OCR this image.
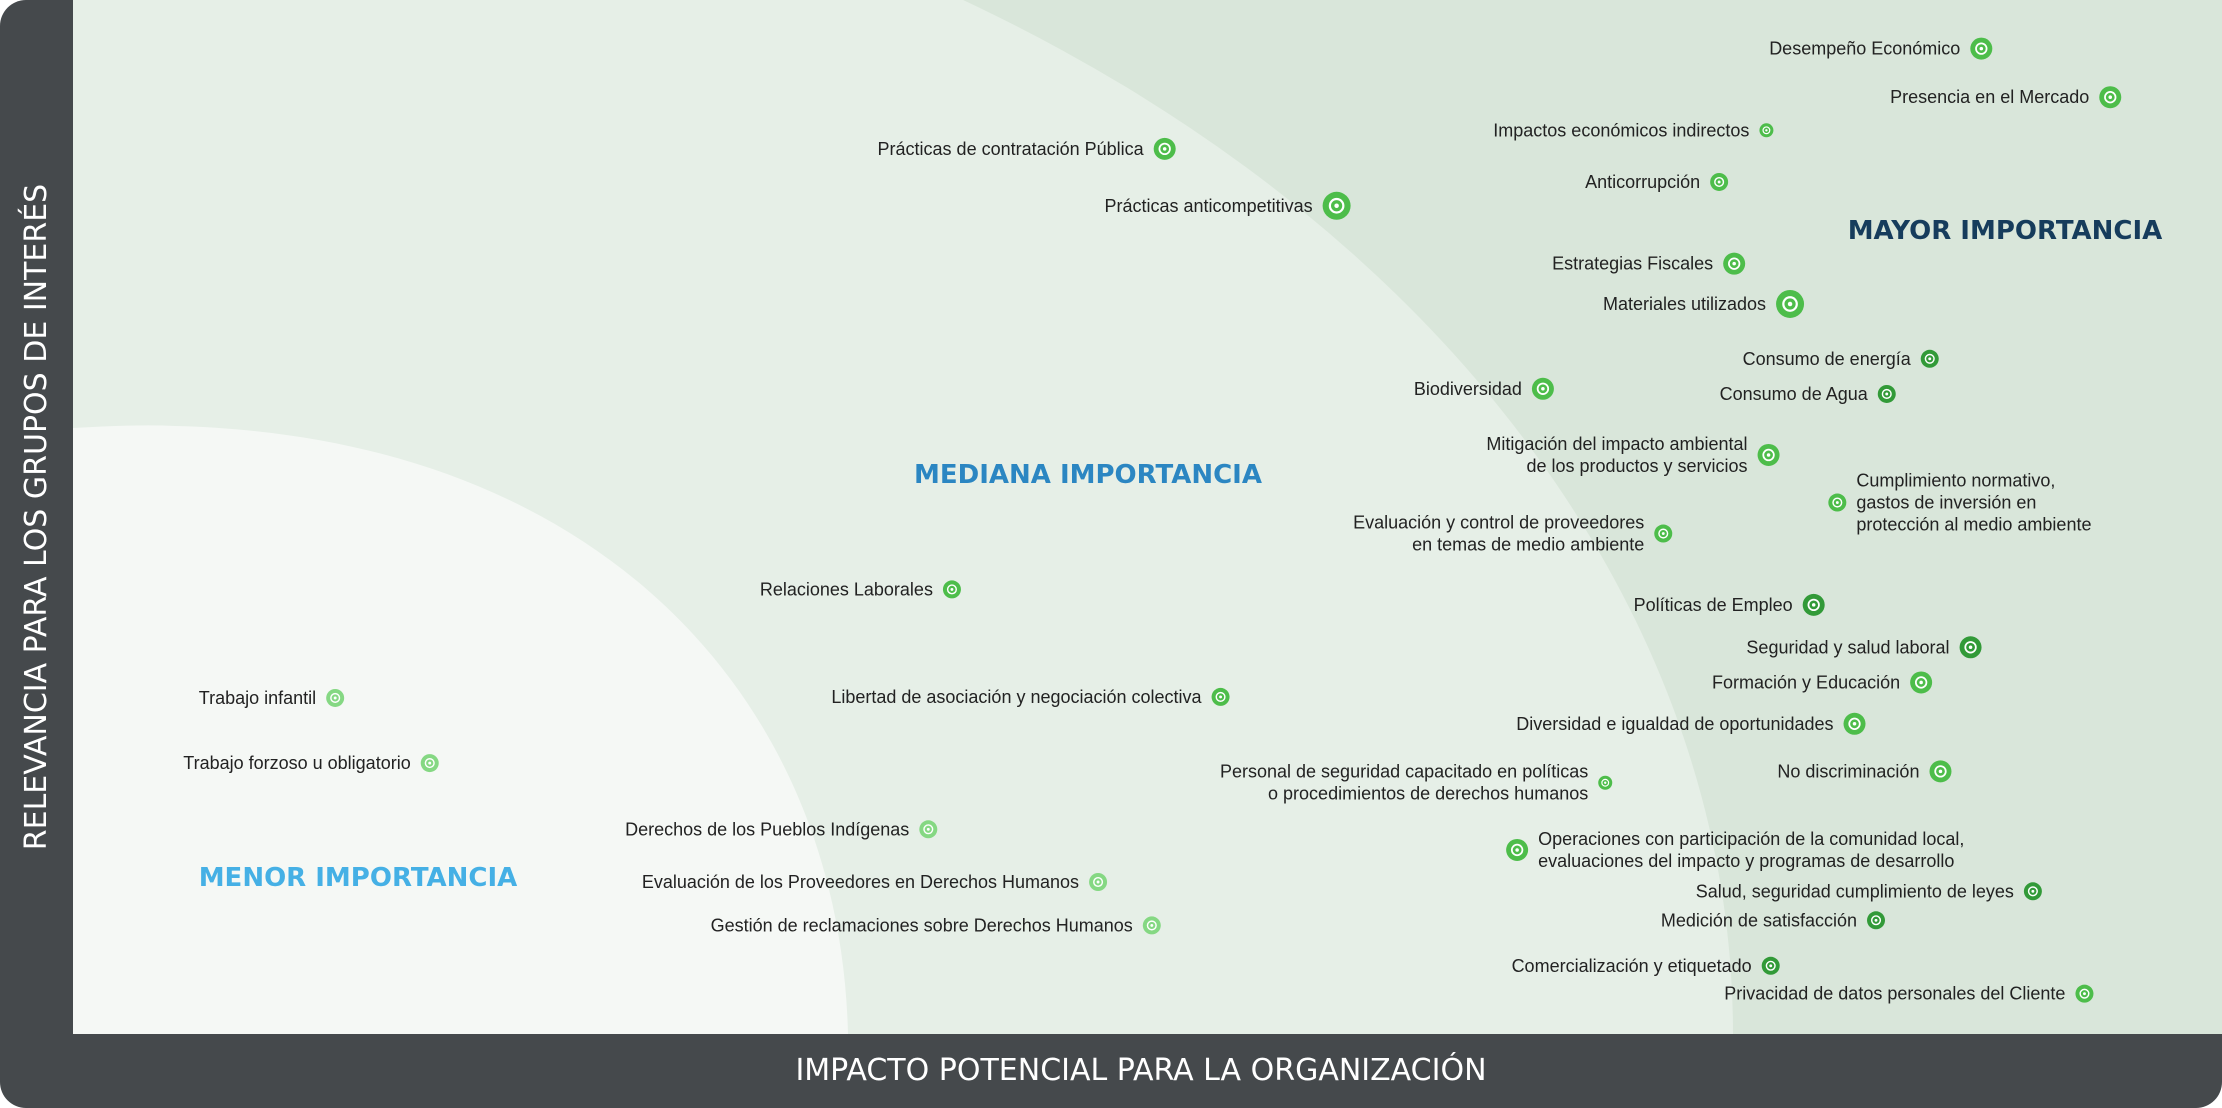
MENOR IMPORTANCIA
MEDIANA IMPORTANCIA
MAYOR IMPORTANCIA
Desempeño Económico
Presencia en el Mercado
Impactos económicos indirectos
Prácticas de contratación Pública
Anticorrupción
Prácticas anticompetitivas
Estrategias Fiscales
Materiales utilizados
Consumo de energía
Biodiversidad	Consumo de Agua
Mitigación del impacto ambiental de los productos y servicios
Cumplimiento normativo, gastos de inversión en protección al medio ambiente
Evaluación y control de proveedores en temas de medio ambiente
Relaciones Laborales
Políticas de Empleo
Seguridad y salud laboral
Formación y Educación
Trabajo infantil	Libertad de asociación y negociación colectiva
Diversidad e igualdad de oportunidades
Trabajo forzoso u obligatorio	No discriminación
Personal de seguridad capacitado en políticas o procedimientos de derechos humanos
Derechos de los Pueblos Indígenas	Operaciones con participación de la comunidad local, evaluaciones del impacto y programas de desarrollo
Evaluación de los Proveedores en Derechos Humanos	Salud, seguridad cumplimiento de leyes
Medición de satisfacción
Gestión de reclamaciones sobre Derechos Humanos
Comercialización y etiquetado
Privacidad de datos personales del Cliente
IMPACTO POTENCIAL PARA LA ORGANIZACIÓN
RELEVANCIA PARA LOS GRUPOS DE INTERÉS
